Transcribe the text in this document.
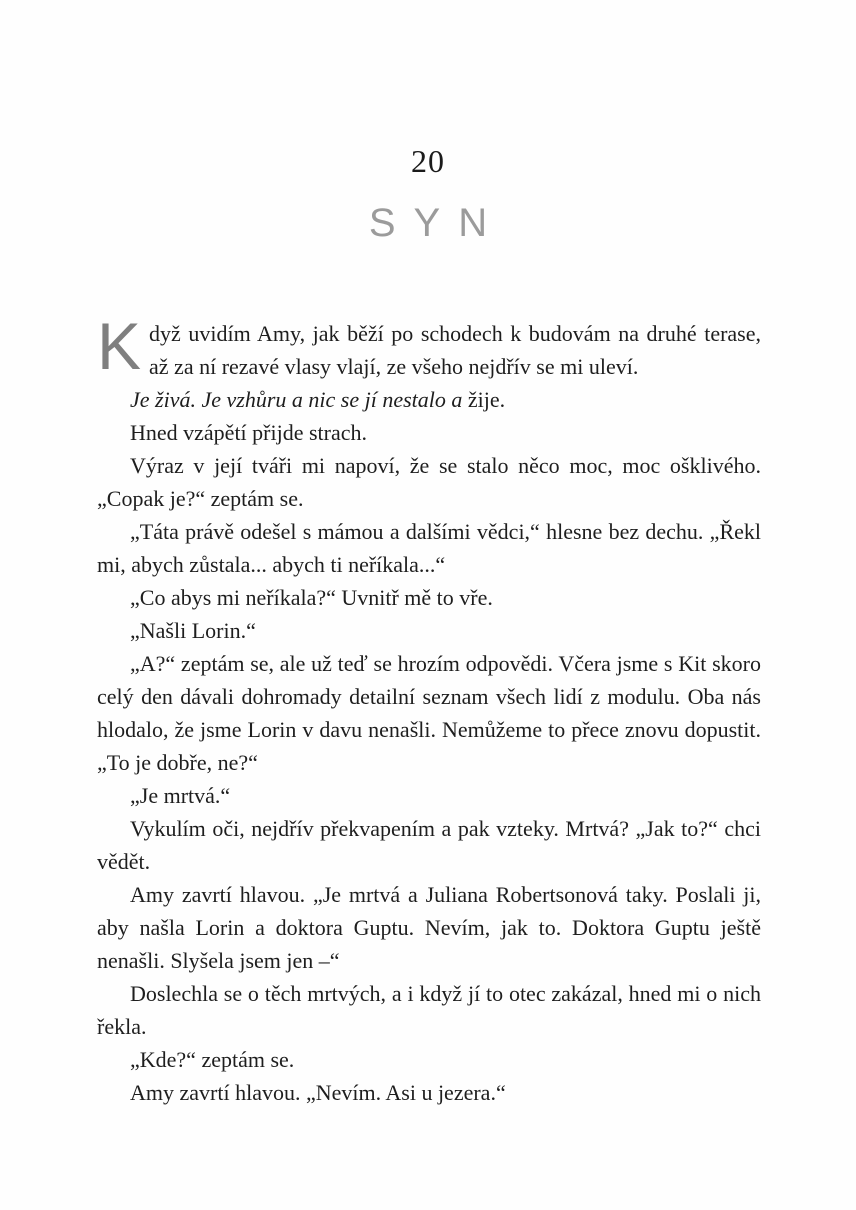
20
SYN

Když uvidím Amy, jak běží po schodech k budovám na druhé terase, až za ní rezavé vlasy vlají, ze všeho nejdřív se mi uleví.

Je živá. Je vzhůru a nic se jí nestalo a žije.

Hned vzápětí přijde strach.

Výraz v její tváři mi napoví, že se stalo něco moc, moc ošklivého. „Copak je?“ zeptám se.

„Táta právě odešel s mámou a dalšími vědci,“ hlesne bez dechu. „Řekl mi, abych zůstala... abych ti neříkala...“

„Co abys mi neříkala?“ Uvnitř mě to vře.

„Našli Lorin.“

„A?“ zeptám se, ale už teď se hrozím odpovědi. Včera jsme s Kit skoro celý den dávali dohromady detailní seznam všech lidí z modulu. Oba nás hlodalo, že jsme Lorin v davu nenašli. Nemůžeme to přece znovu dopustit. „To je dobře, ne?“

„Je mrtvá.“

Vykulím oči, nejdřív překvapením a pak vzteky. Mrtvá? „Jak to?“ chci vědět.

Amy zavrtí hlavou. „Je mrtvá a Juliana Robertsonová taky. Poslali ji, aby našla Lorin a doktora Guptu. Nevím, jak to. Doktora Guptu ještě nenašli. Slyšela jsem jen –“

Doslechla se o těch mrtvých, a i když jí to otec zakázal, hned mi o nich řekla.

„Kde?“ zeptám se.

Amy zavrtí hlavou. „Nevím. Asi u jezera.“
